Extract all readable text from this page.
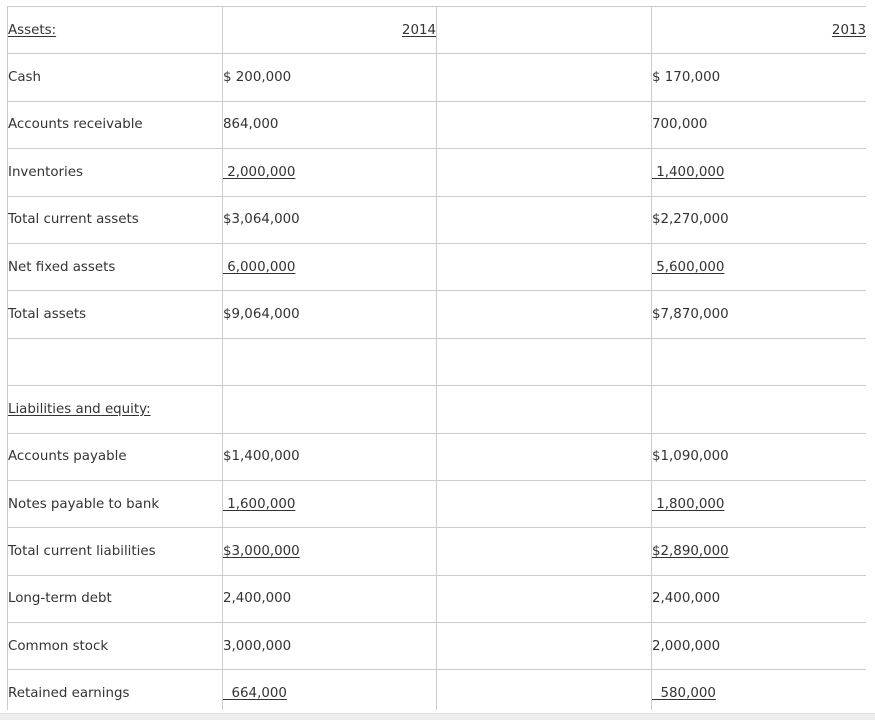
Assets:	2014		2013
Cash	$ 200,000		$ 170,000
Accounts receivable	864,000		700,000
Inventories	2,000,000		1,400,000
Total current assets	$3,064,000		$2,270,000
Net fixed assets	6,000,000		5,600,000
Total assets	$9,064,000		$7,870,000

Liabilities and equity:			
Accounts payable	$1,400,000		$1,090,000
Notes payable to bank	1,600,000		1,800,000
Total current liabilities	$3,000,000		$2,890,000
Long-term debt	2,400,000		2,400,000
Common stock	3,000,000		2,000,000
Retained earnings	664,000		580,000
